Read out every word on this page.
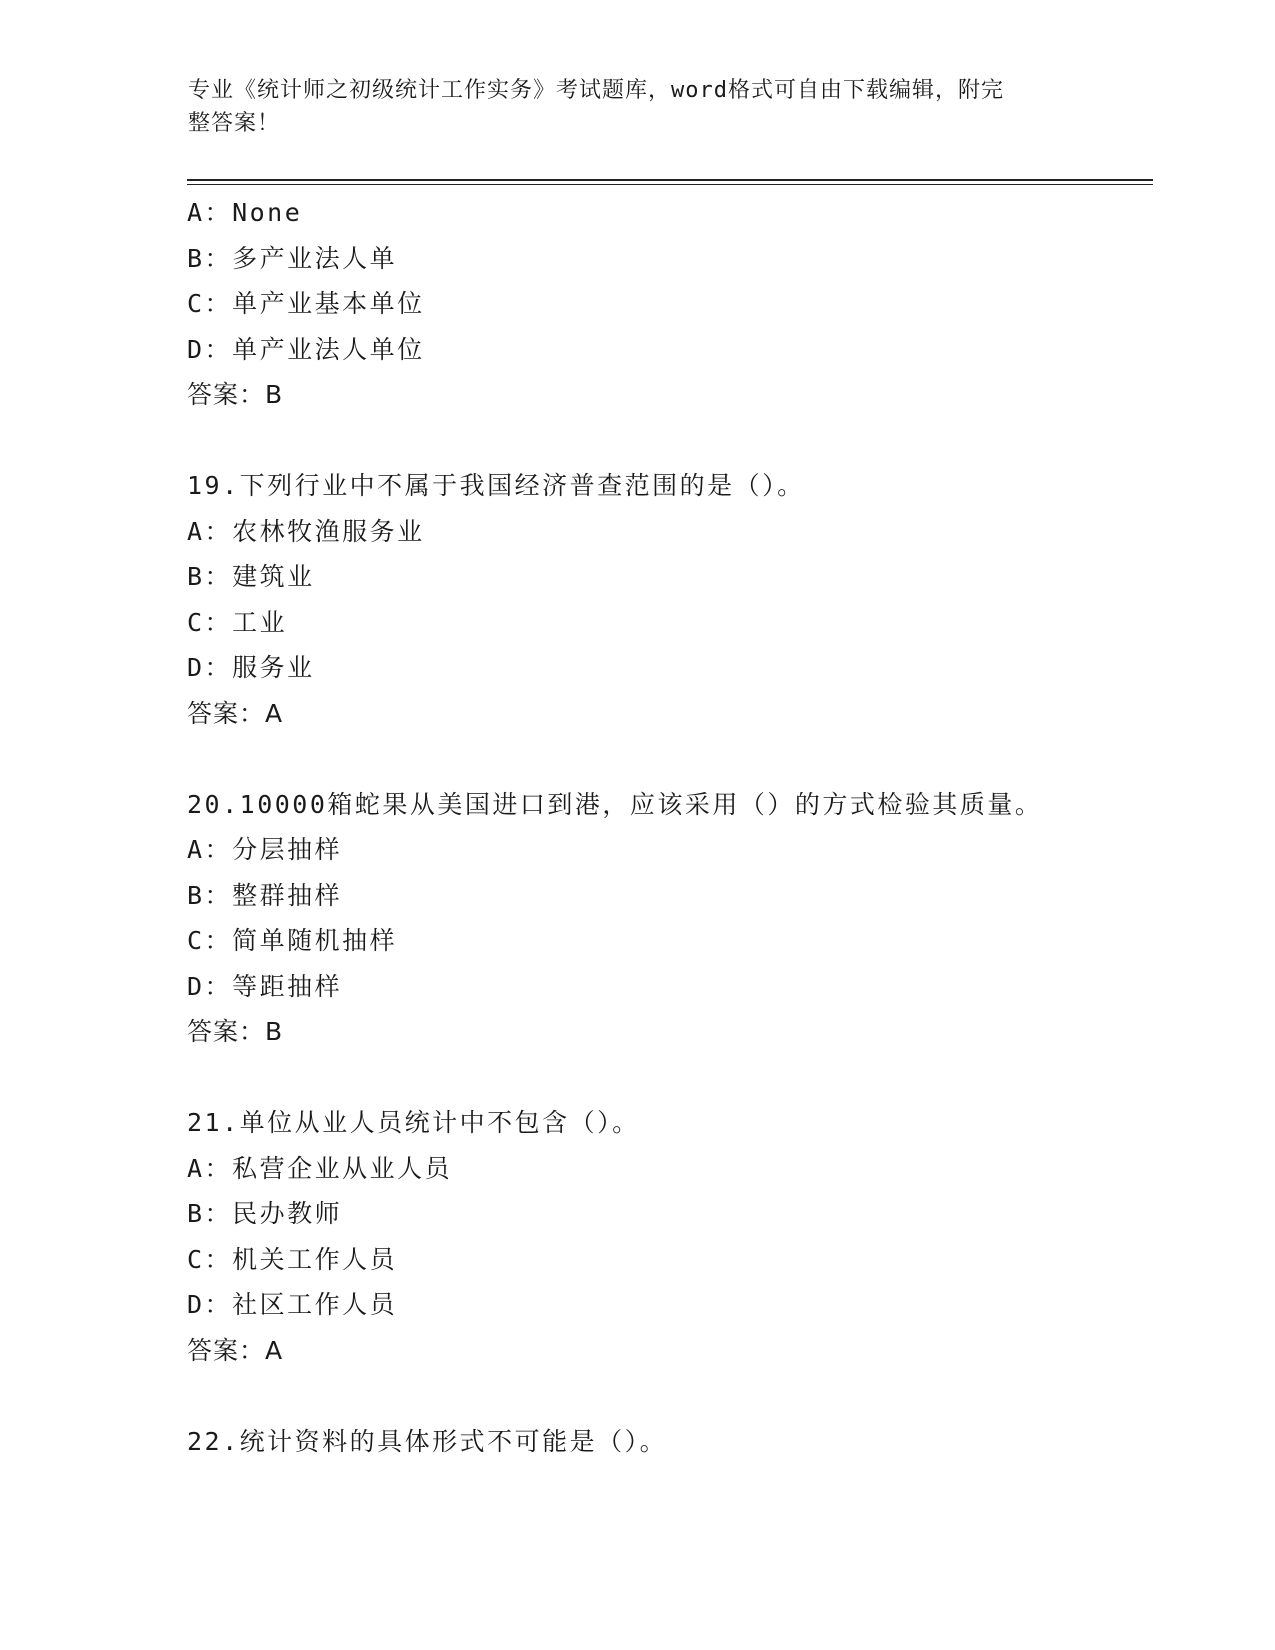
专业《统计师之初级统计工作实务》考试题库，word格式可自由下载编辑，附完
整答案！
A：None
B：多产业法人单
C：单产业基本单位
D：单产业法人单位
答案：B
19.下列行业中不属于我国经济普查范围的是（）。
A：农林牧渔服务业
B：建筑业
C：工业
D：服务业
答案：A
20.10000箱蛇果从美国进口到港，应该采用（）的方式检验其质量。
A：分层抽样
B：整群抽样
C：简单随机抽样
D：等距抽样
答案：B
21.单位从业人员统计中不包含（）。
A：私营企业从业人员
B：民办教师
C：机关工作人员
D：社区工作人员
答案：A
22.统计资料的具体形式不可能是（）。
